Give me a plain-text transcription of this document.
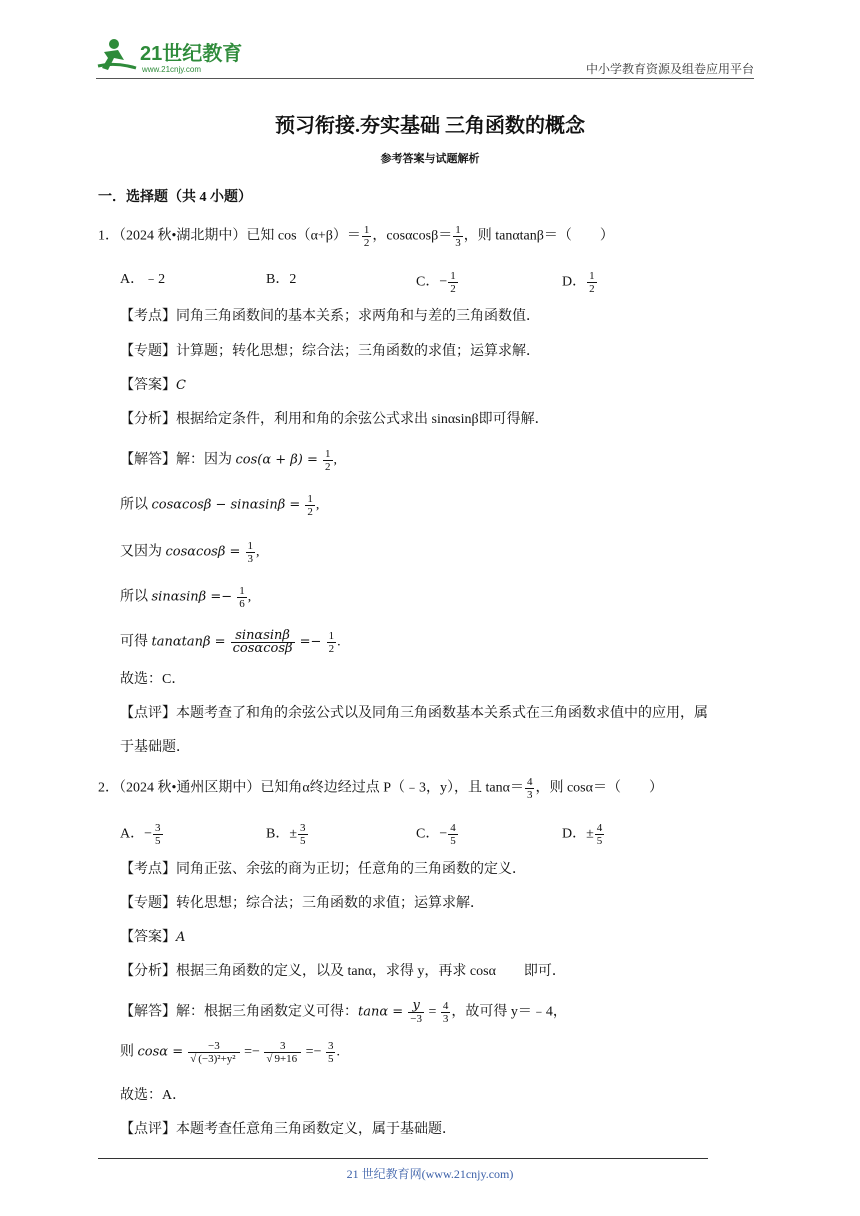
21世纪教育
www.21cnjy.com	中小学教育资源及组卷应用平台
预习衔接.夯实基础 三角函数的概念
参考答案与试题解析
一．选择题（共 4 小题）
1．（2024 秋•湖北期中）已知 $\cos(\alpha+\beta)= \frac{1}{2}$ ，$\cos\alpha\cos\beta= \frac{1}{3}$ ，则 tanαtanβ＝（　　）
A．﹣2	B．2	C．− $\frac{1}{2}$	D． $\frac{1}{2}$
【考点】同角三角函数间的基本关系；求两角和与差的三角函数值．
【专题】计算题；转化思想；综合法；三角函数的求值；运算求解．
【答案】C
【分析】根据给定条件，利用和角的余弦公式求出 sinαsinβ即可得解．
【解答】解：因为 $\cos(\alpha + \beta) = \frac{1}{2}$ ,
所以 $\cos\alpha\cos\beta - \sin\alpha\sin\beta = \frac{1}{2}$ ,
又因为 $\cos\alpha\cos\beta = \frac{1}{3}$ ,
所以 $\sin\alpha\sin\beta =- \frac{1}{6}$ ,
可得 $\tan\alpha\tan\beta = \frac{\sin\alpha\sin\beta}{\cos\alpha\cos\beta} =- \frac{1}{2}$ .
故选：C．
【点评】本题考查了和角的余弦公式以及同角三角函数基本关系式在三角函数求值中的应用，属
于基础题．
2．（2024 秋•通州区期中）已知角α终边经过点 P（﹣3，y），且 $\tan\alpha= \frac{4}{3}$ ，则 cosα＝（　　）
A．− $\frac{3}{5}$	B．± $\frac{3}{5}$	C．− $\frac{4}{5}$	D．± $\frac{4}{5}$
【考点】同角正弦、余弦的商为正切；任意角的三角函数的定义．
【专题】转化思想；综合法；三角函数的求值；运算求解．
【答案】A
【分析】根据三角函数的定义，以及 tanα，求得 y，再求 cosα　　即可．
【解答】解：根据三角函数定义可得：$\tan\alpha = \frac{y}{-3} = \frac{4}{3}$ ，故可得 y＝﹣4，
则 $\cos\alpha = \frac{-3}{\text{√ (−3)²+y²}} =- \frac{3}{√ 9+16} =- \frac{3}{5}$ .
故选：A．
【点评】本题考查任意角三角函数定义，属于基础题．
21 世纪教育网(www.21cnjy.com)
